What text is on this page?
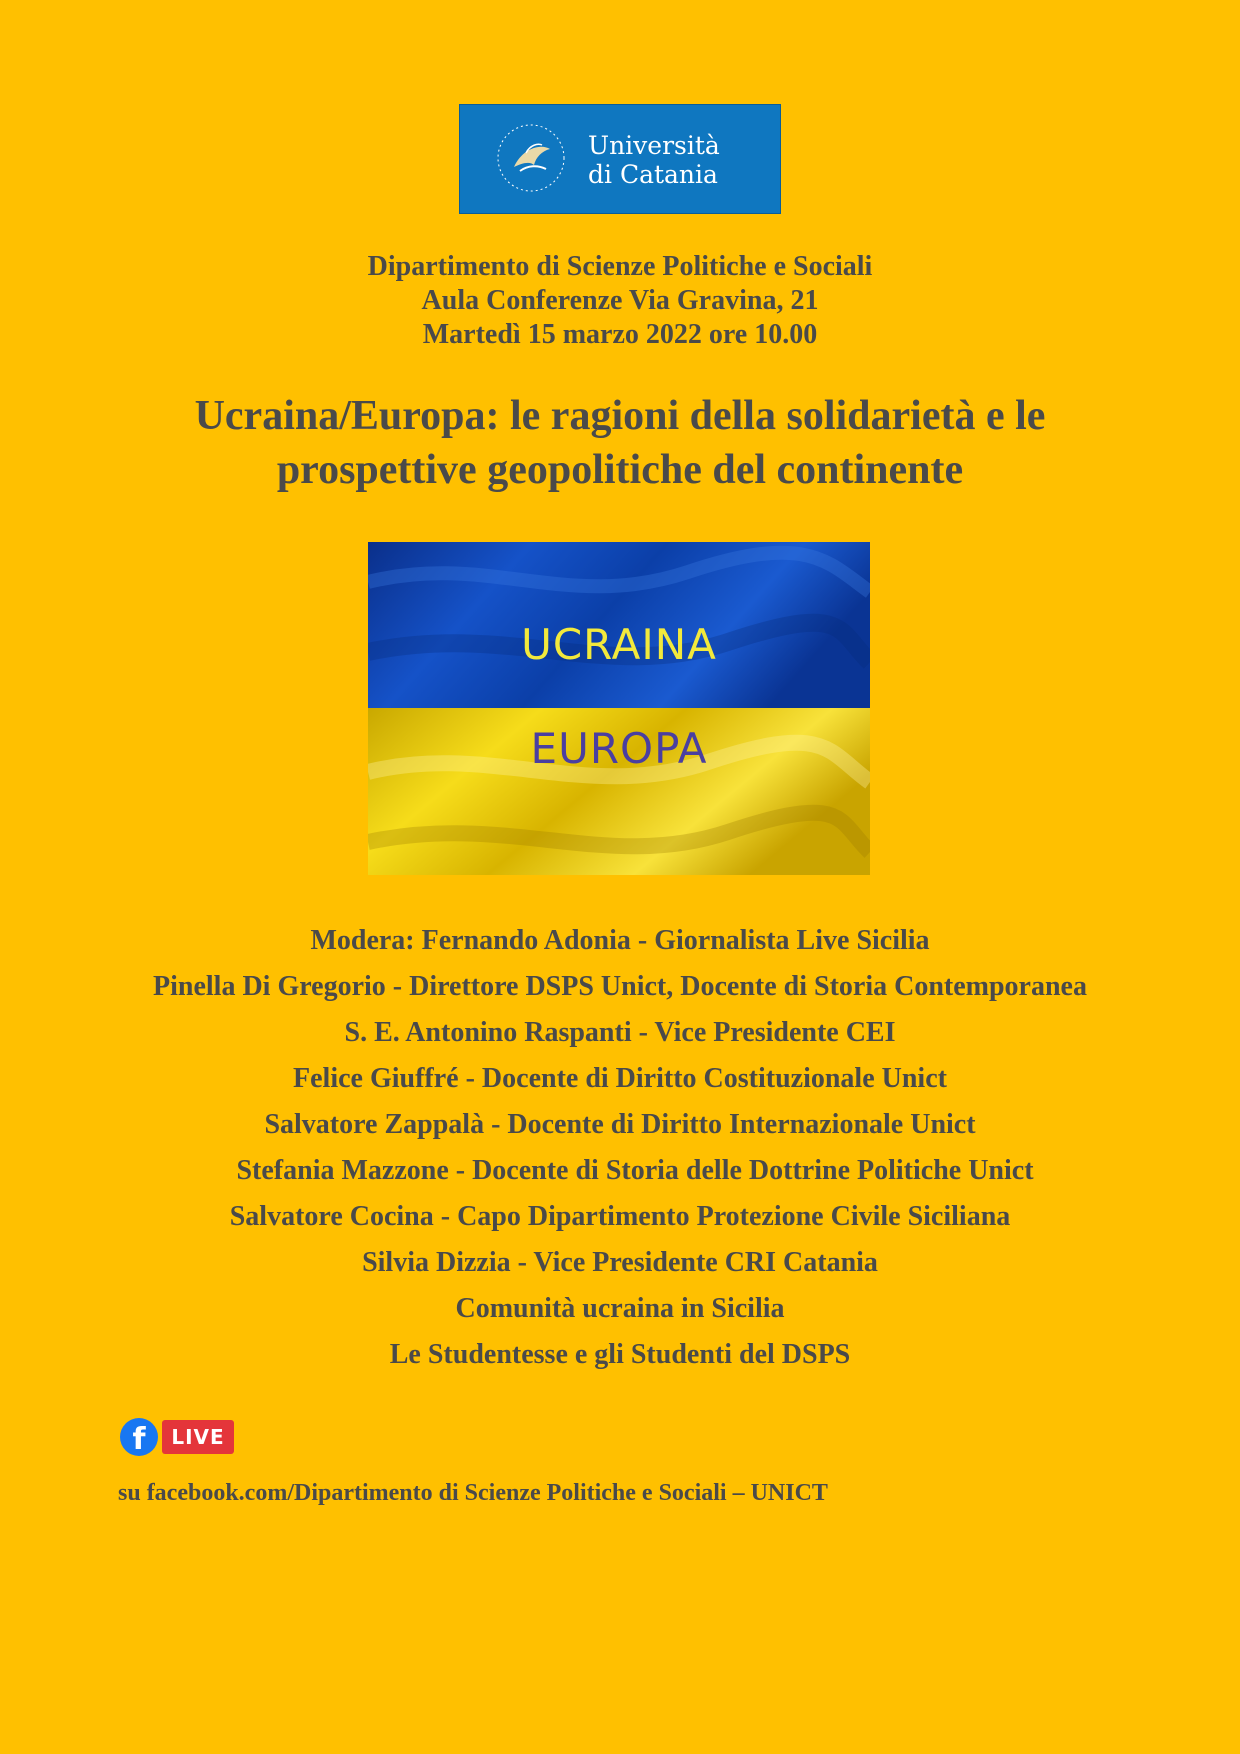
Università
di Catania
Dipartimento di Scienze Politiche e Sociali
Aula Conferenze Via Gravina, 21
Martedì 15 marzo 2022 ore 10.00
Ucraina/Europa: le ragioni della solidarietà e le prospettive geopolitiche del continente
UCRAINA
EUROPA
Modera: Fernando Adonia - Giornalista Live Sicilia
Pinella Di Gregorio - Direttore DSPS Unict, Docente di Storia Contemporanea
S. E. Antonino Raspanti - Vice Presidente CEI
Felice Giuffré - Docente di Diritto Costituzionale Unict
Salvatore Zappalà - Docente di Diritto Internazionale Unict
Stefania Mazzone - Docente di Storia delle Dottrine Politiche Unict
Salvatore Cocina - Capo Dipartimento Protezione Civile Siciliana
Silvia Dizzia - Vice Presidente CRI Catania
Comunità ucraina in Sicilia
Le Studentesse e gli Studenti del DSPS
f	LIVE
su facebook.com/Dipartimento di Scienze Politiche e Sociali – UNICT
